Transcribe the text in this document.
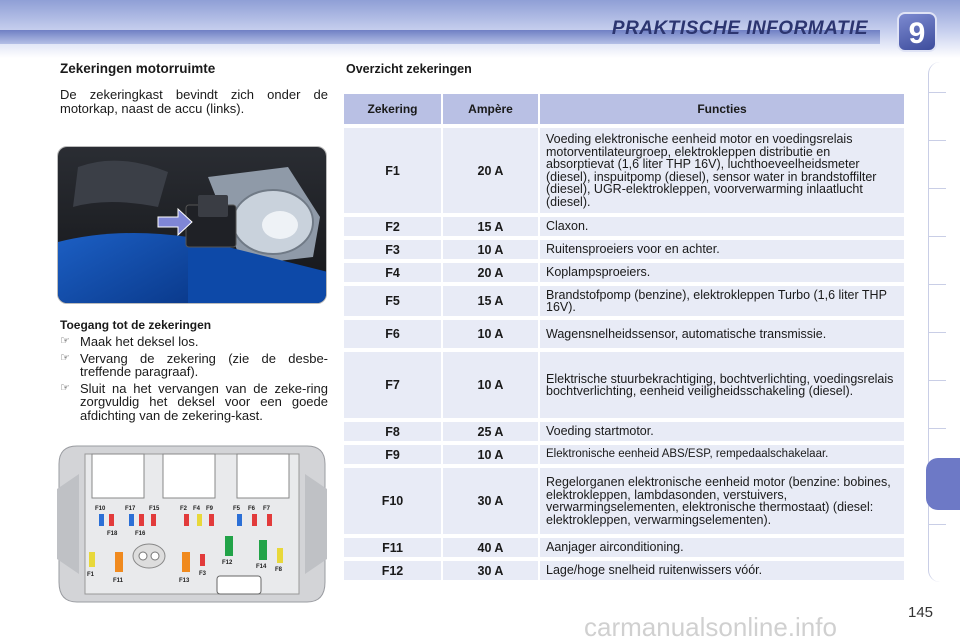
PRAKTISCHE INFORMATIE	9
Zekeringen motorruimte
De zekeringkast bevindt zich onder de motorkap, naast de accu (links).
Toegang tot de zekeringen
☞ Maak het deksel los.
☞ Vervang de zekering (zie de desbe-treffende paragraaf).
☞ Sluit na het vervangen van de zeke-ring zorgvuldig het deksel voor een goede afdichting van de zekering-kast.
F10	F17 F15	F2 F4 F9	F5 F6 F7
F18	F16
F1
F11	F13
F3
F12
F14 F8
Overzicht zekeringen
Zekering	Ampère	Functies
F1	20 A	Voeding elektronische eenheid motor en voedingsrelais motorventilateurgroep, elektrokleppen distributie en absorptievat (1,6 liter THP 16V), luchthoeveelheidsmeter (diesel), inspuitpomp (diesel), sensor water in brandstoffilter (diesel), UGR-elektrokleppen, voorverwarming inlaatlucht (diesel).
F2	15 A	Claxon.
F3	10 A	Ruitensproeiers voor en achter.
F4	20 A	Koplampsproeiers.
F5	15 A	Brandstofpomp (benzine), elektrokleppen Turbo (1,6 liter THP 16V).
F6	10 A	Wagensnelheidssensor, automatische transmissie.
F7	10 A	Elektrische stuurbekrachtiging, bochtverlichting, voedingsrelais bochtverlichting, eenheid veiligheidsschakeling (diesel).
F8	25 A	Voeding startmotor.
F9	10 A	Elektronische eenheid ABS/ESP, rempedaalschakelaar.
F10	30 A	Regelorganen elektronische eenheid motor (benzine: bobines, elektrokleppen, lambdasonden, verstuivers, verwarmingselementen, elektronische thermostaat) (diesel: elektrokleppen, verwarmingselementen).
F11	40 A	Aanjager airconditioning.
F12	30 A	Lage/hoge snelheid ruitenwissers vóór.
145
carmanualsonline.info
